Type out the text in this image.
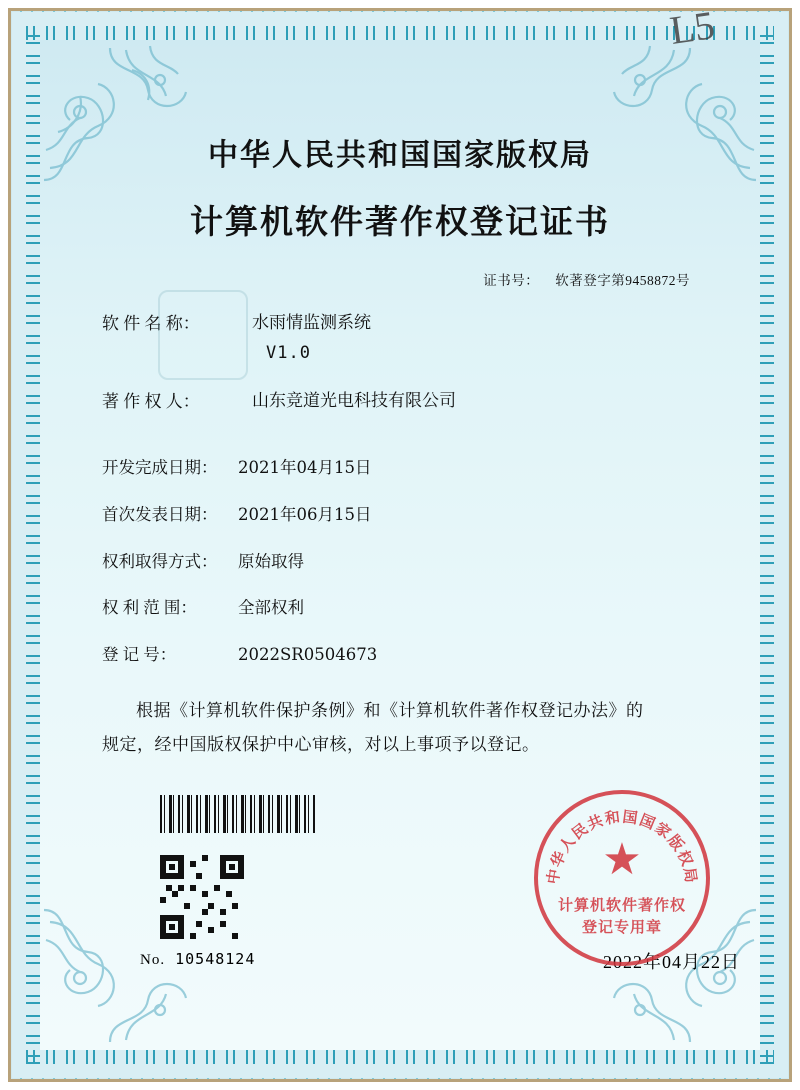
L5
中华人民共和国国家版权局
计算机软件著作权登记证书
证书号： 软著登字第9458872号
软 件 名 称：	水雨情监测系统
V1.0
著 作 权 人：	山东竞道光电科技有限公司
开发完成日期：	2021年04月15日
首次发表日期：	2021年06月15日
权利取得方式：	原始取得
权 利 范 围：	全部权利
登 记 号：	2022SR0504673
根据《计算机软件保护条例》和《计算机软件著作权登记办法》的
规定，经中国版权保护中心审核，对以上事项予以登记。
No. 10548124	2022年04月22日
中华人民共和国国家版权局
★
计算机软件著作权
登记专用章
